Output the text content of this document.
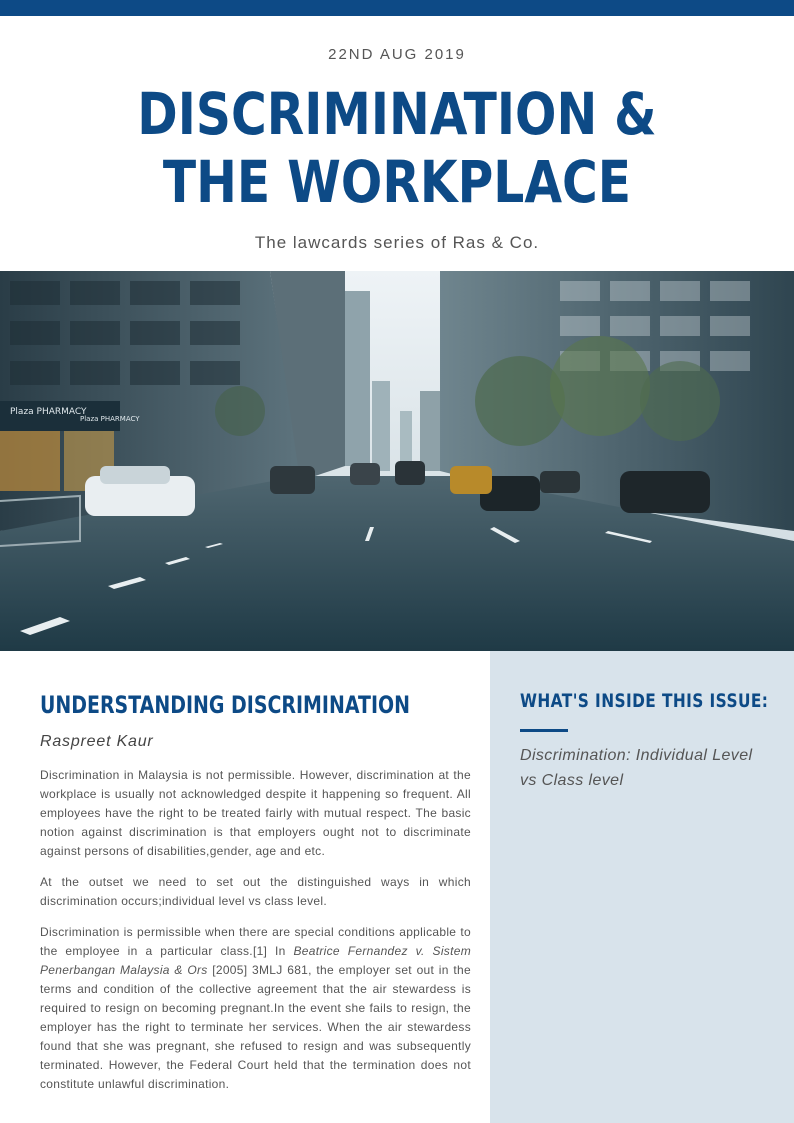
22ND AUG 2019
DISCRIMINATION & THE WORKPLACE
The lawcards series of Ras & Co.
Plaza PHARMACY
Plaza PHARMACY
UNDERSTANDING DISCRIMINATION
Raspreet Kaur

Discrimination in Malaysia is not permissible. However, discrimination at the workplace is usually not acknowledged despite it happening so frequent. All employees have the right to be treated fairly with mutual respect. The basic notion against discrimination is that employers ought not to discriminate against persons of disabilities,gender, age and etc.

At the outset we need to set out the distinguished ways in which discrimination occurs;individual level vs class level.

Discrimination is permissible when there are special conditions applicable to the employee in a particular class.[1] In Beatrice Fernandez v. Sistem Penerbangan Malaysia & Ors [2005] 3MLJ 681, the employer set out in the terms and condition of the collective agreement that the air stewardess is required to resign on becoming pregnant.In the event she fails to resign, the employer has the right to terminate her services. When the air stewardess found that she was pregnant, she refused to resign and was subsequently terminated. However, the Federal Court held that the termination does not constitute unlawful discrimination.

WHAT'S INSIDE THIS ISSUE:
Discrimination: Individual Level vs Class level
